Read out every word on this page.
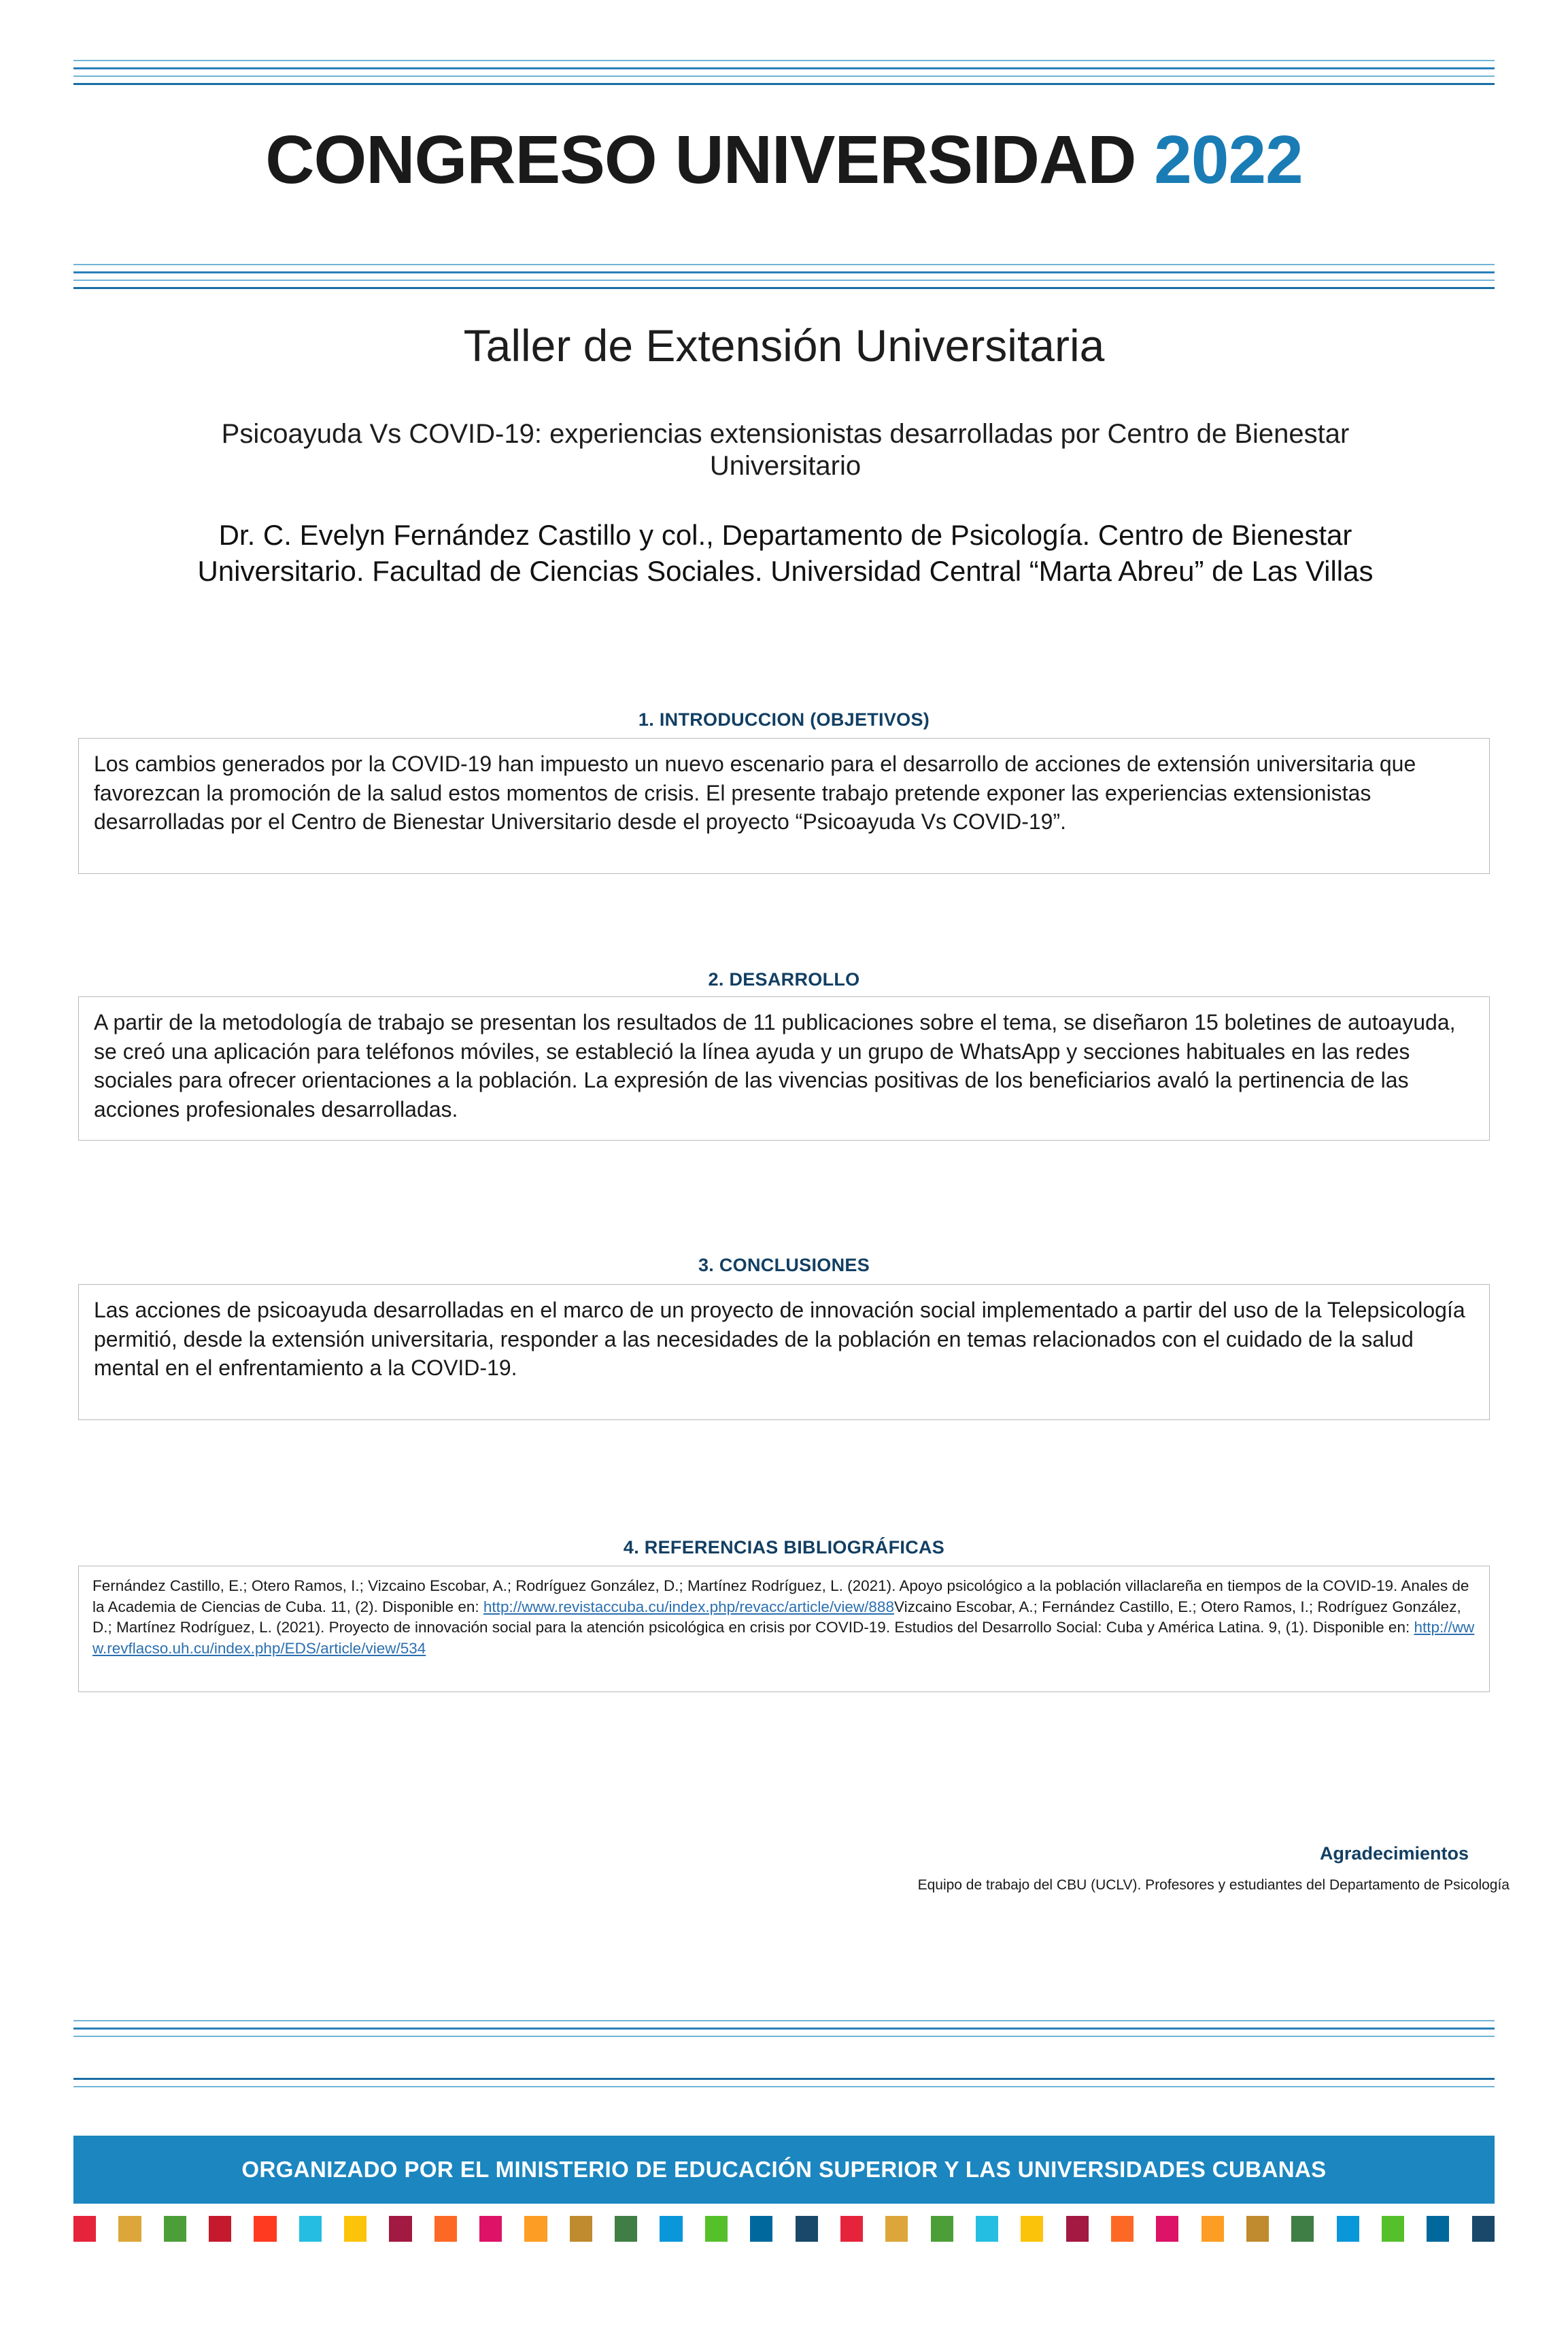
CONGRESO UNIVERSIDAD 2022
Taller de Extensión Universitaria
Psicoayuda Vs COVID-19: experiencias extensionistas desarrolladas por Centro de Bienestar Universitario
Dr. C. Evelyn Fernández Castillo y col., Departamento de Psicología. Centro de Bienestar Universitario. Facultad de Ciencias Sociales. Universidad Central “Marta Abreu” de Las Villas
1. INTRODUCCION (OBJETIVOS)
Los cambios generados por la COVID-19 han impuesto un nuevo escenario para el desarrollo de acciones de extensión universitaria que favorezcan la promoción de la salud estos momentos de crisis. El presente trabajo pretende exponer las experiencias extensionistas desarrolladas por el Centro de Bienestar Universitario desde el proyecto “Psicoayuda Vs COVID-19”.
2. DESARROLLO
A partir de la metodología de trabajo se presentan los resultados de 11 publicaciones sobre el tema, se diseñaron 15 boletines de autoayuda, se creó una aplicación para teléfonos móviles, se estableció la línea ayuda y un grupo de WhatsApp y secciones habituales en las redes sociales para ofrecer orientaciones a la población. La expresión de las vivencias positivas de los beneficiarios avaló la pertinencia de las acciones profesionales desarrolladas.
3. CONCLUSIONES
Las acciones de psicoayuda desarrolladas en el marco de un proyecto de innovación social implementado a partir del uso de la Telepsicología permitió, desde la extensión universitaria, responder a las necesidades de la población en temas relacionados con el cuidado de la salud mental en el enfrentamiento a la COVID-19.
4. REFERENCIAS BIBLIOGRÁFICAS
Fernández Castillo, E.; Otero Ramos, I.; Vizcaino Escobar, A.; Rodríguez González, D.; Martínez Rodríguez, L. (2021). Apoyo psicológico a la población villaclareña en tiempos de la COVID-19. Anales de la Academia de Ciencias de Cuba. 11, (2). Disponible en: http://www.revistaccuba.cu/index.php/revacc/article/view/888Vizcaino Escobar, A.; Fernández Castillo, E.; Otero Ramos, I.; Rodríguez González, D.; Martínez Rodríguez, L. (2021). Proyecto de innovación social para la atención psicológica en crisis por COVID-19. Estudios del Desarrollo Social: Cuba y América Latina. 9, (1). Disponible en: http://www.revflacso.uh.cu/index.php/EDS/article/view/534
Agradecimientos
Equipo de trabajo del CBU (UCLV). Profesores y estudiantes del Departamento de Psicología
ORGANIZADO POR EL MINISTERIO DE EDUCACIÓN SUPERIOR Y LAS UNIVERSIDADES CUBANAS
